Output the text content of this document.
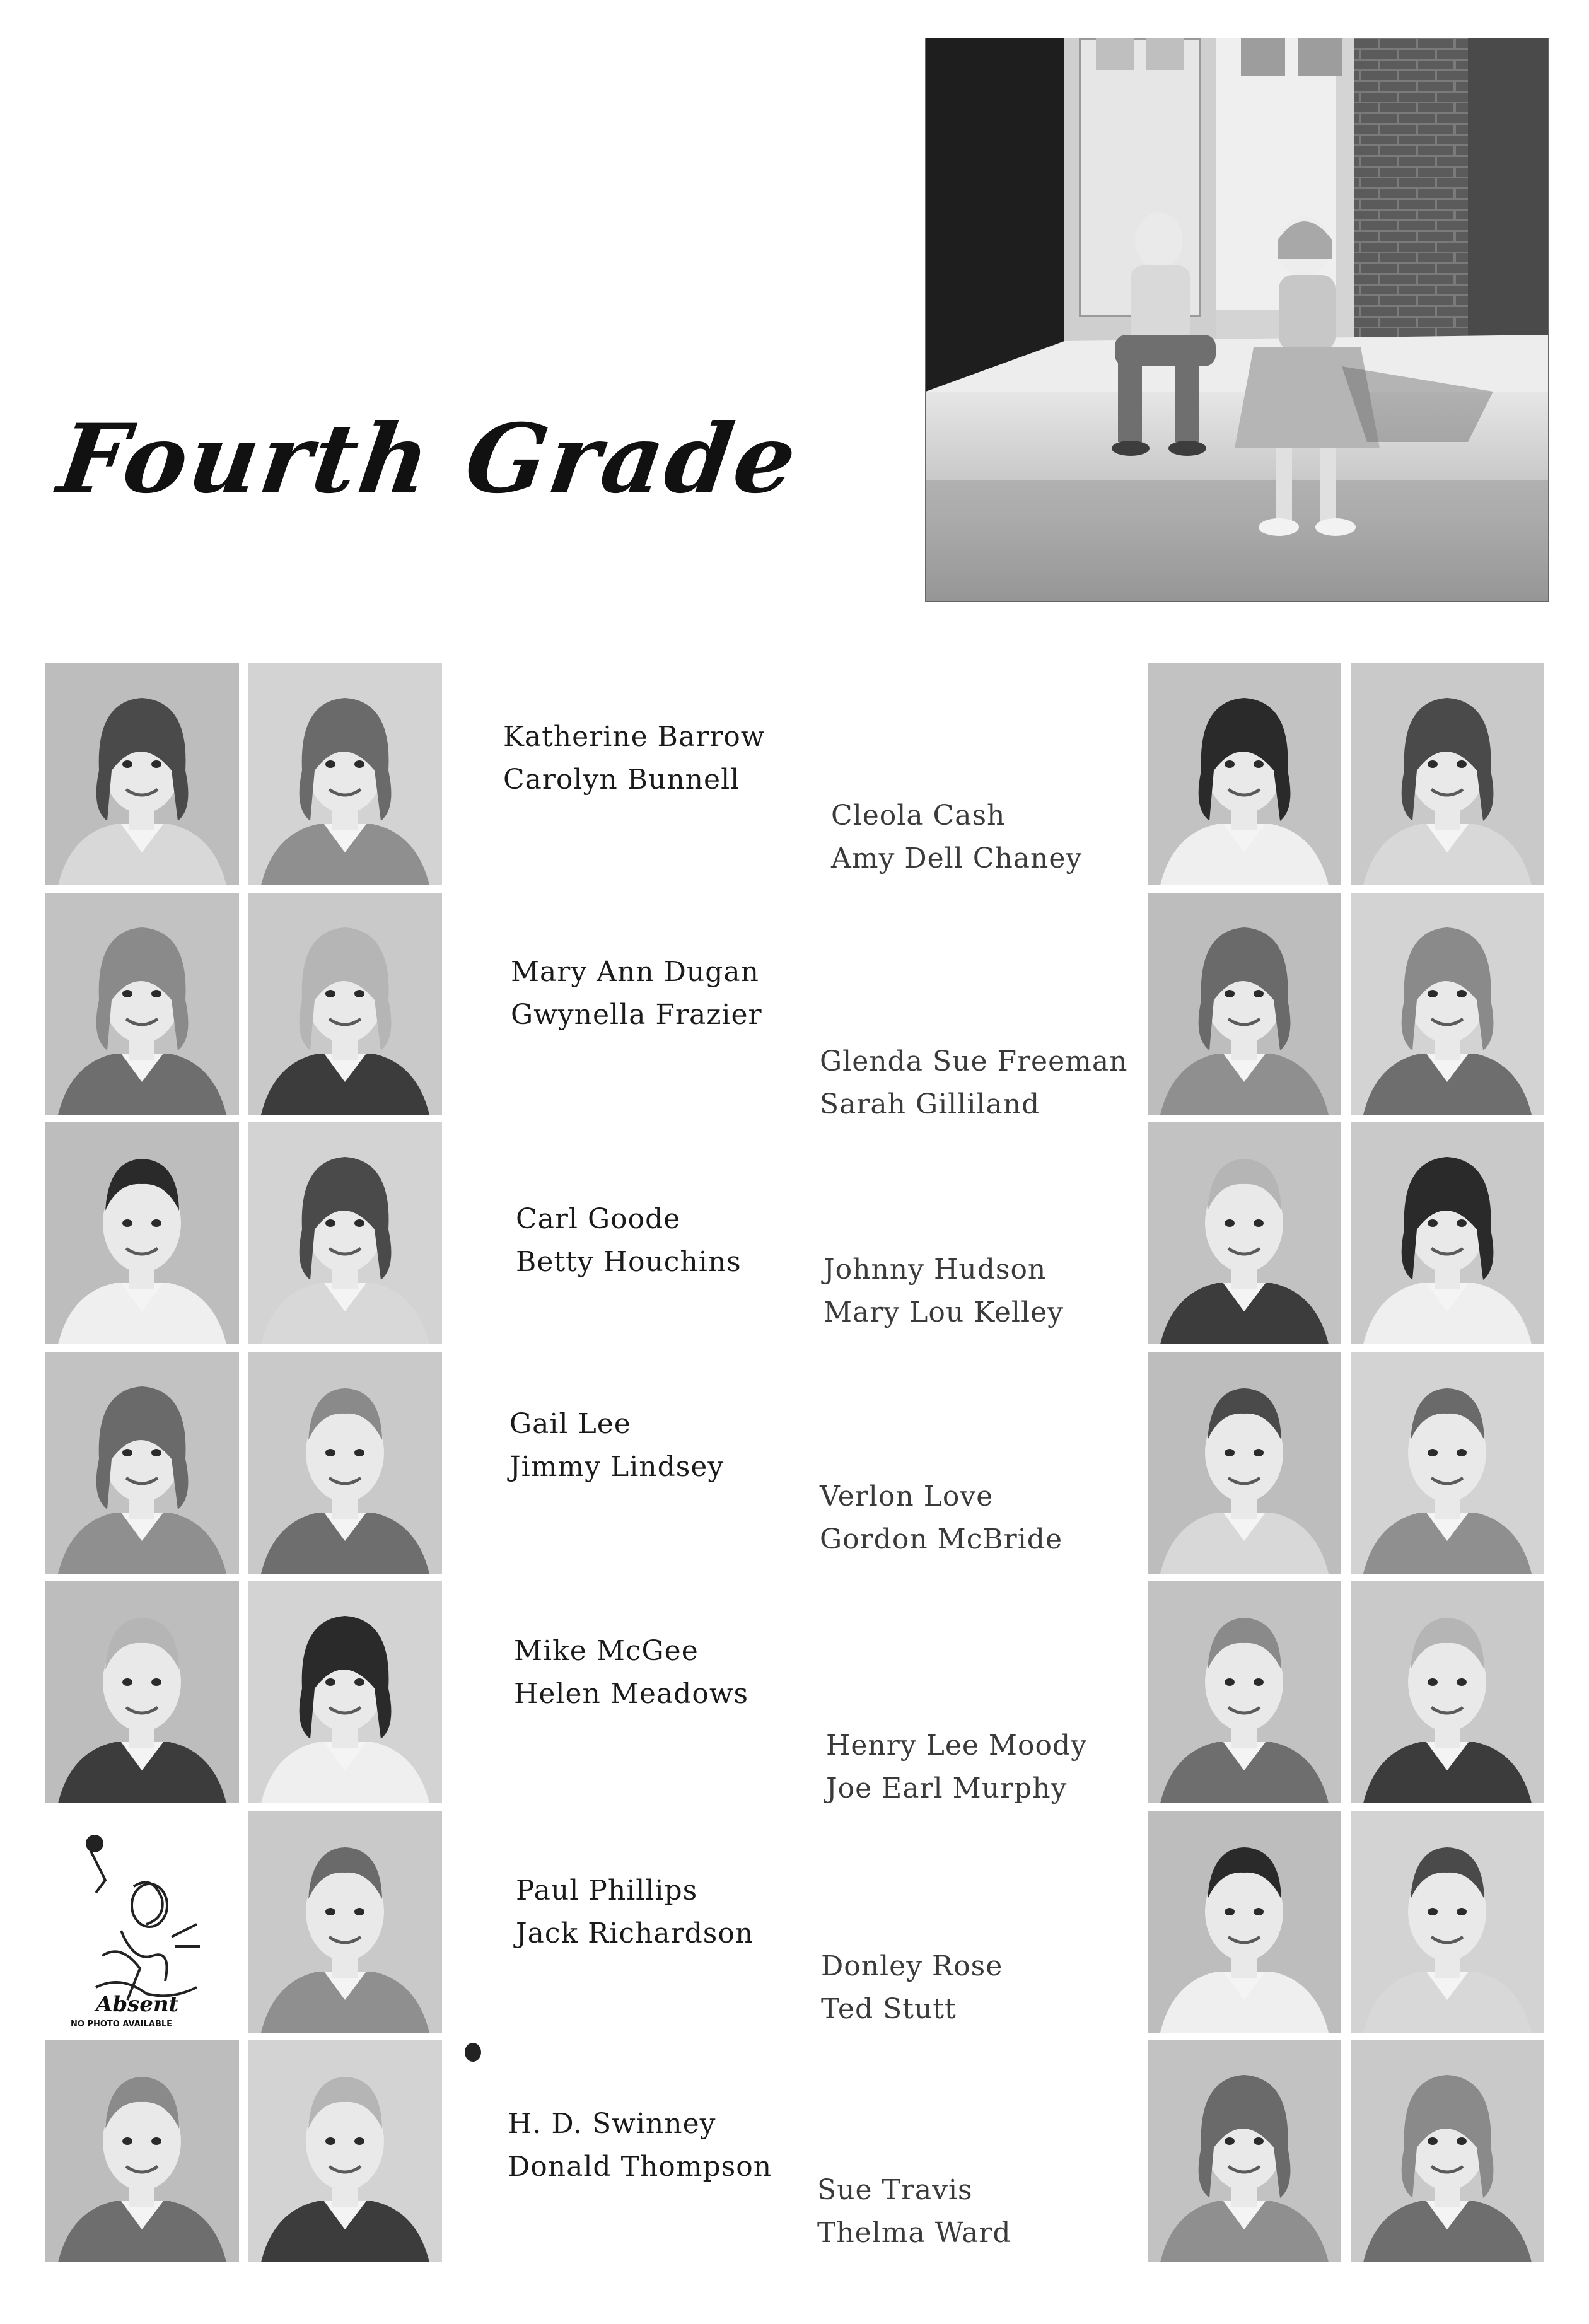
Fourth Grade
Absent
NO PHOTO AVAILABLE
Katherine Barrow
Carolyn Bunnell
Mary Ann Dugan
Gwynella Frazier
Carl Goode
Betty Houchins
Gail Lee
Jimmy Lindsey
Mike McGee
Helen Meadows
Paul Phillips
Jack Richardson
H. D. Swinney
Donald Thompson
Cleola Cash
Amy Dell Chaney
Glenda Sue Freeman
Sarah Gilliland
Johnny Hudson
Mary Lou Kelley
Verlon Love
Gordon McBride
Henry Lee Moody
Joe Earl Murphy
Donley Rose
Ted Stutt
Sue Travis
Thelma Ward
